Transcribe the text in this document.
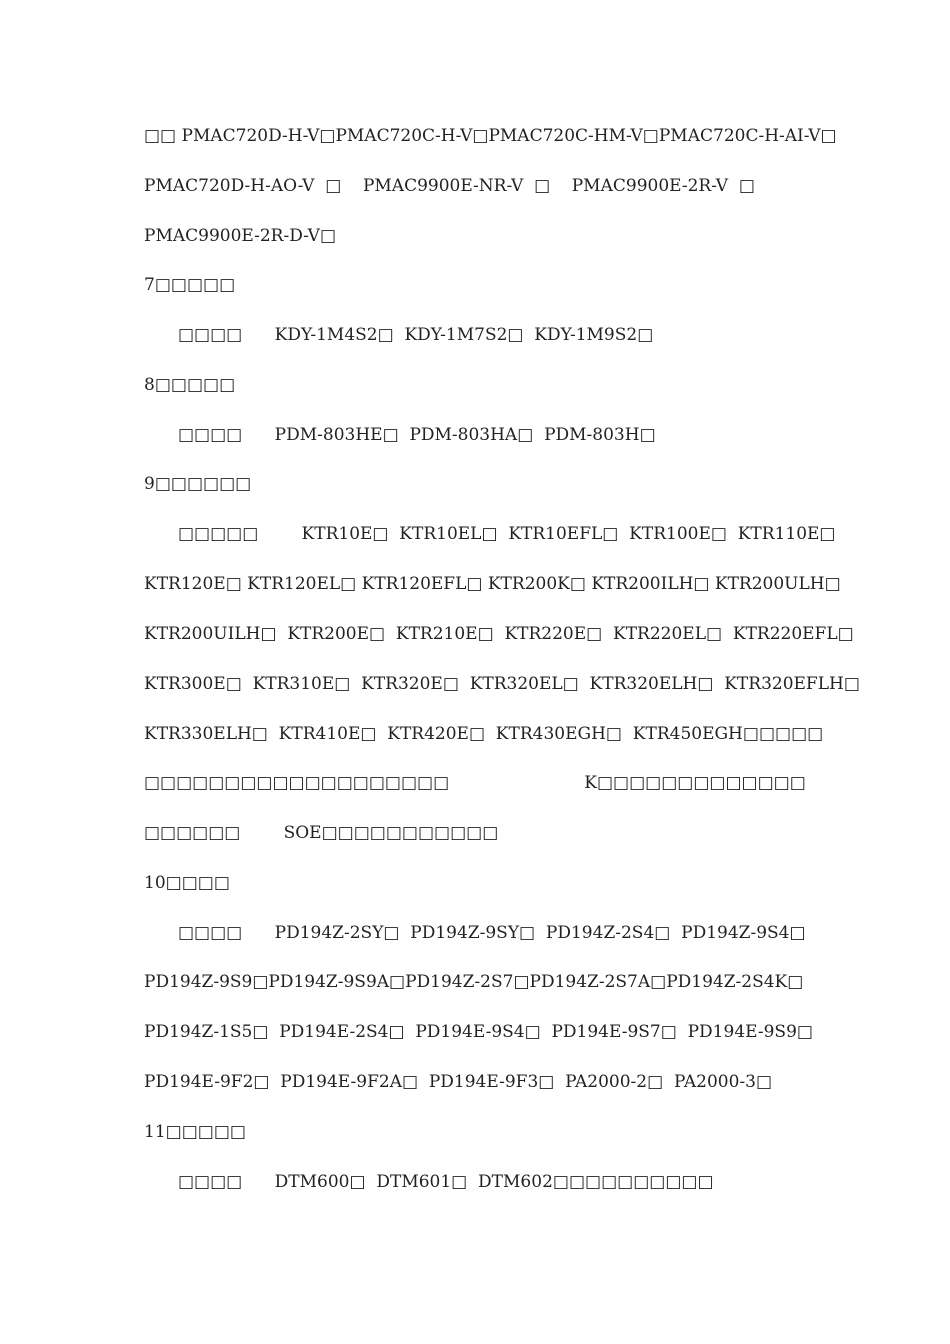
□□ PMAC720D-H-V□PMAC720C-H-V□PMAC720C-HM-V□PMAC720C-H-AI-V□
PMAC720D-H-AO-V  □    PMAC9900E-NR-V  □    PMAC9900E-2R-V  □
PMAC9900E-2R-D-V□
7□□□□□
□□□□      KDY-1M4S2□  KDY-1M7S2□  KDY-1M9S2□
8□□□□□
□□□□      PDM-803HE□  PDM-803HA□  PDM-803H□
9□□□□□□
□□□□□        KTR10E□  KTR10EL□  KTR10EFL□  KTR100E□  KTR110E□
KTR120E□ KTR120EL□ KTR120EFL□ KTR200K□ KTR200ILH□ KTR200ULH□
KTR200UILH□  KTR200E□  KTR210E□  KTR220E□  KTR220EL□  KTR220EFL□
KTR300E□  KTR310E□  KTR320E□  KTR320EL□  KTR320ELH□  KTR320EFLH□
KTR330ELH□  KTR410E□  KTR420E□  KTR430EGH□  KTR450EGH□□□□□
□□□□□□□□□□□□□□□□□□□                         K□□□□□□□□□□□□□
□□□□□□        SOE□□□□□□□□□□□
10□□□□
□□□□      PD194Z-2SY□  PD194Z-9SY□  PD194Z-2S4□  PD194Z-9S4□
PD194Z-9S9□PD194Z-9S9A□PD194Z-2S7□PD194Z-2S7A□PD194Z-2S4K□
PD194Z-1S5□  PD194E-2S4□  PD194E-9S4□  PD194E-9S7□  PD194E-9S9□
PD194E-9F2□  PD194E-9F2A□  PD194E-9F3□  PA2000-2□  PA2000-3□
11□□□□□
□□□□      DTM600□  DTM601□  DTM602□□□□□□□□□□
